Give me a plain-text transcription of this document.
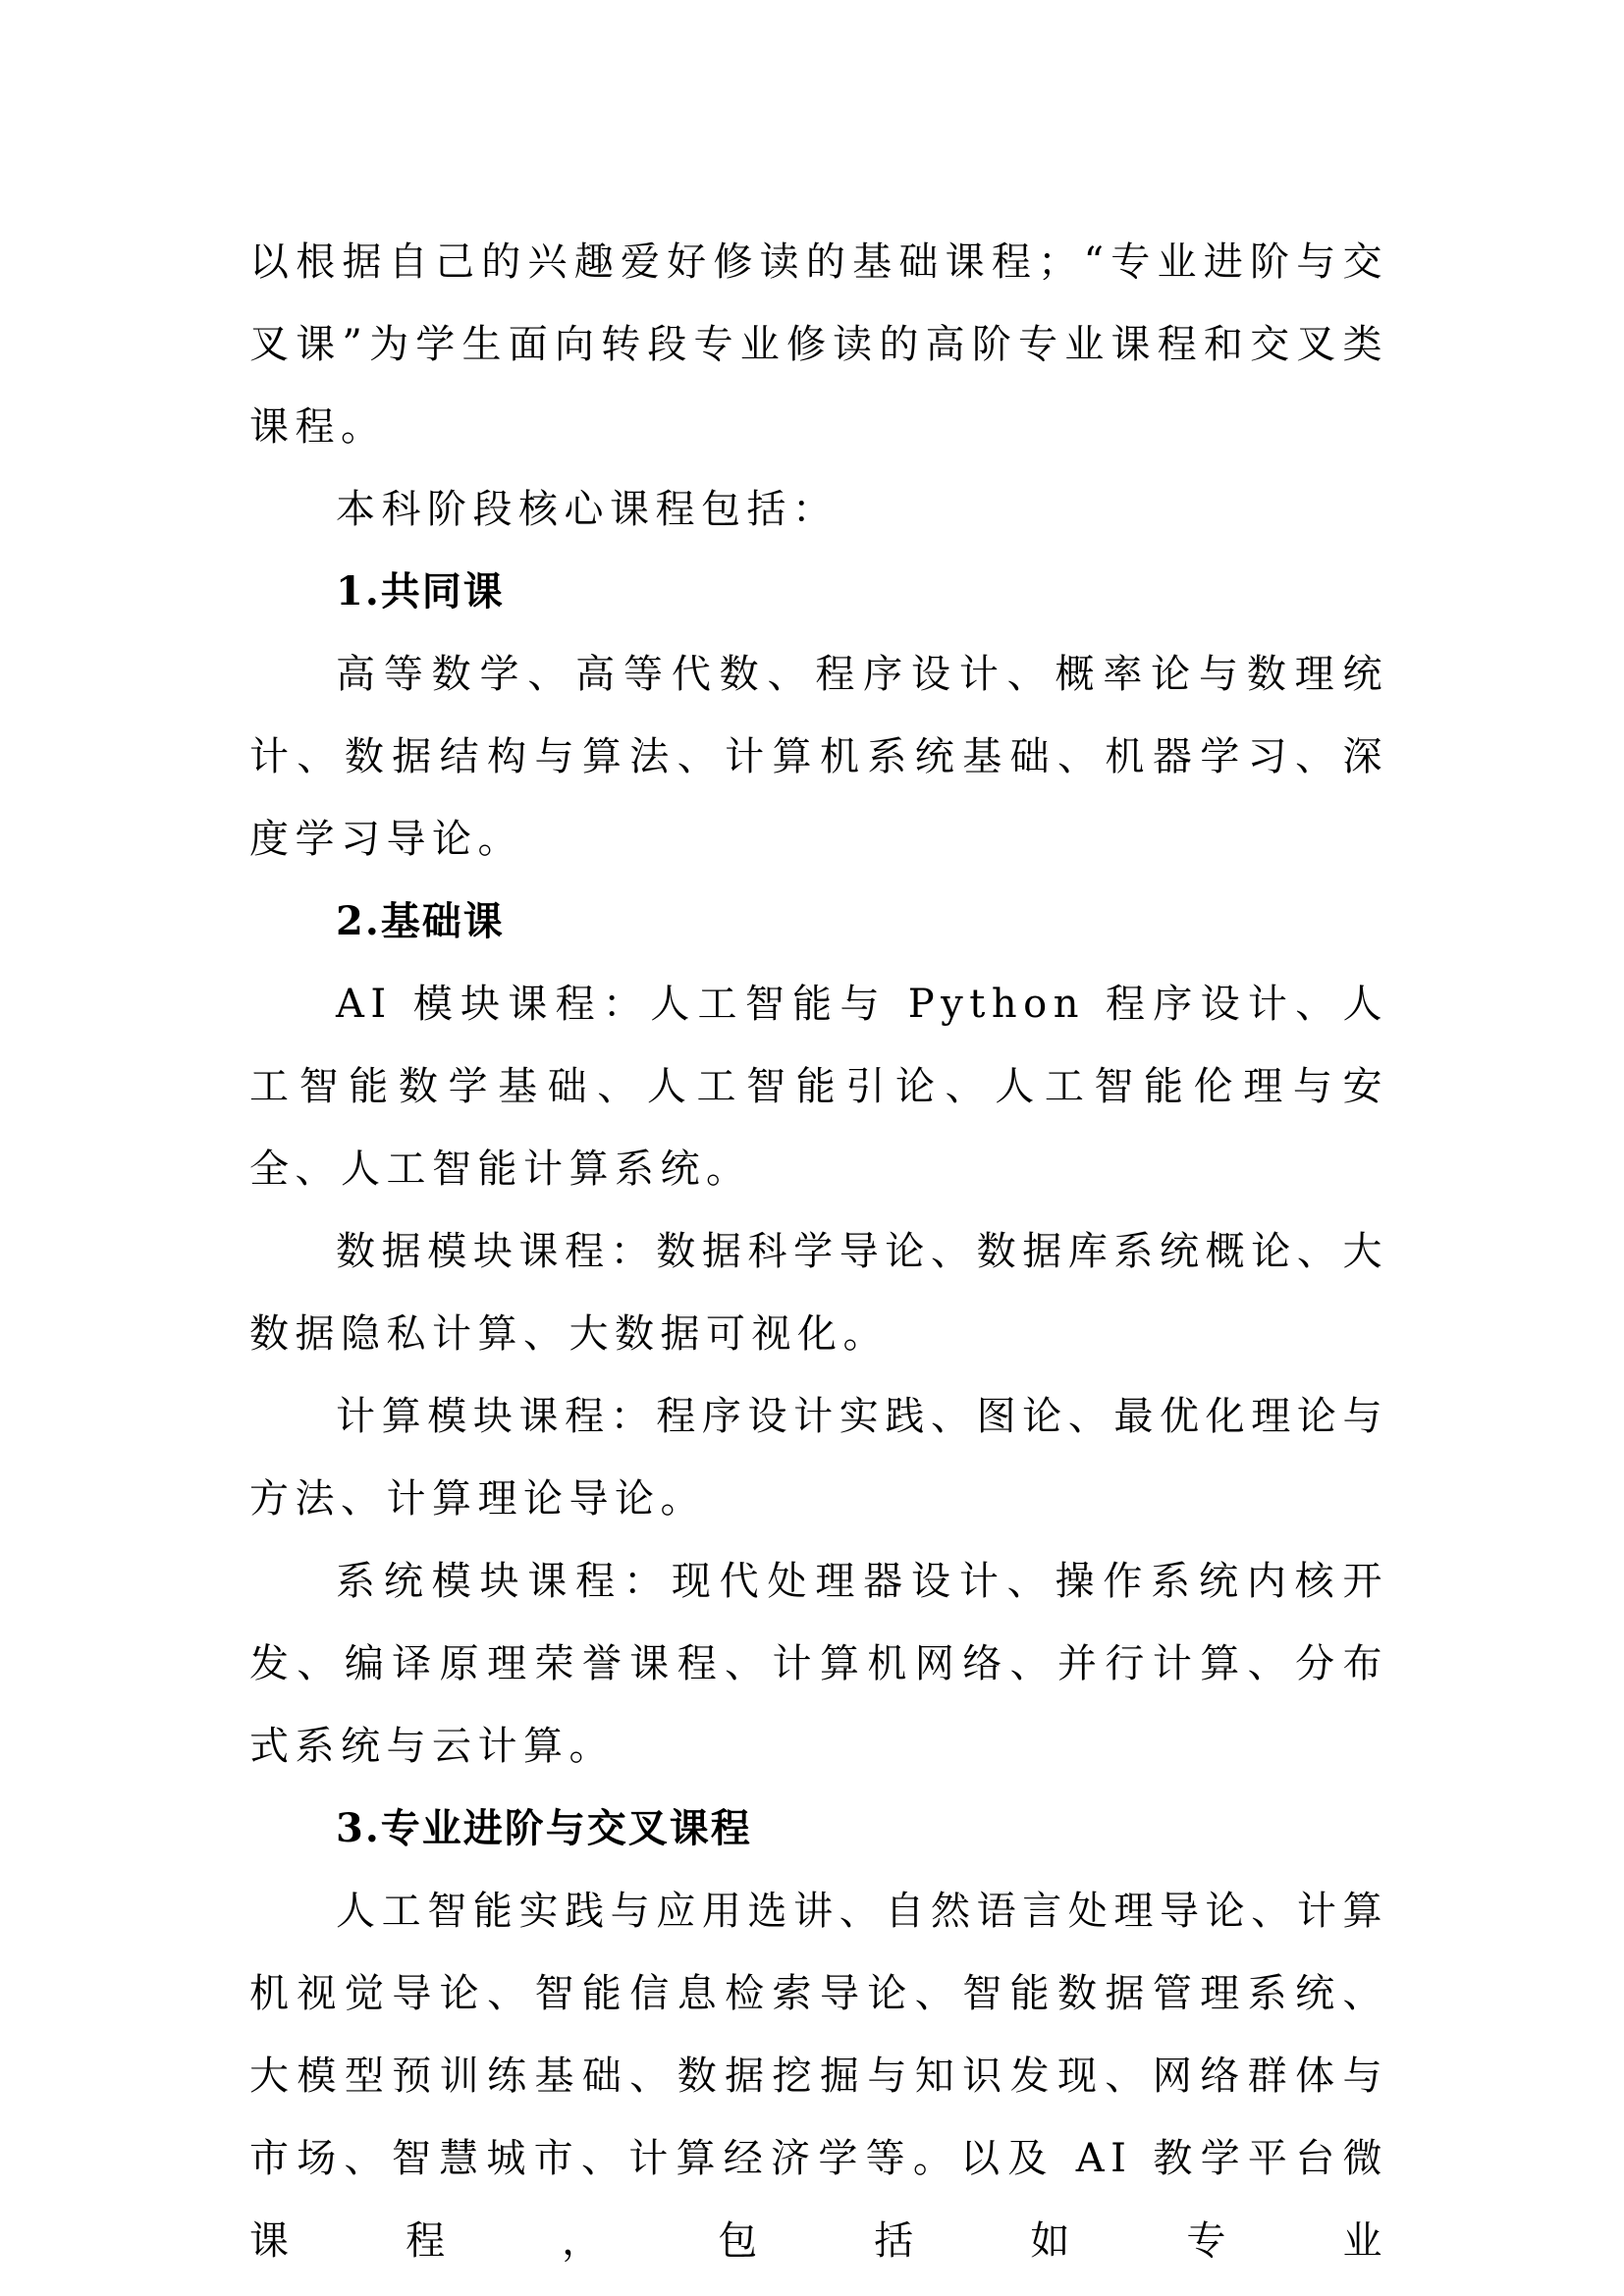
以根据自己的兴趣爱好修读的基础课程；“专业进阶与交叉课”为学生面向转段专业修读的高阶专业课程和交叉类课程。

本科阶段核心课程包括：

1.共同课

高等数学、高等代数、程序设计、概率论与数理统计、数据结构与算法、计算机系统基础、机器学习、深度学习导论。

2.基础课

AI 模块课程：人工智能与 Python 程序设计、人工智能数学基础、人工智能引论、人工智能伦理与安全、人工智能计算系统。

数据模块课程：数据科学导论、数据库系统概论、大数据隐私计算、大数据可视化。

计算模块课程：程序设计实践、图论、最优化理论与方法、计算理论导论。

系统模块课程：现代处理器设计、操作系统内核开发、编译原理荣誉课程、计算机网络、并行计算、分布式系统与云计算。

3.专业进阶与交叉课程

人工智能实践与应用选讲、自然语言处理导论、计算机视觉导论、智能信息检索导论、智能数据管理系统、大模型预训练基础、数据挖掘与知识发现、网络群体与市场、智慧城市、计算经济学等。以及 AI 教学平台微课程，包括如专业
